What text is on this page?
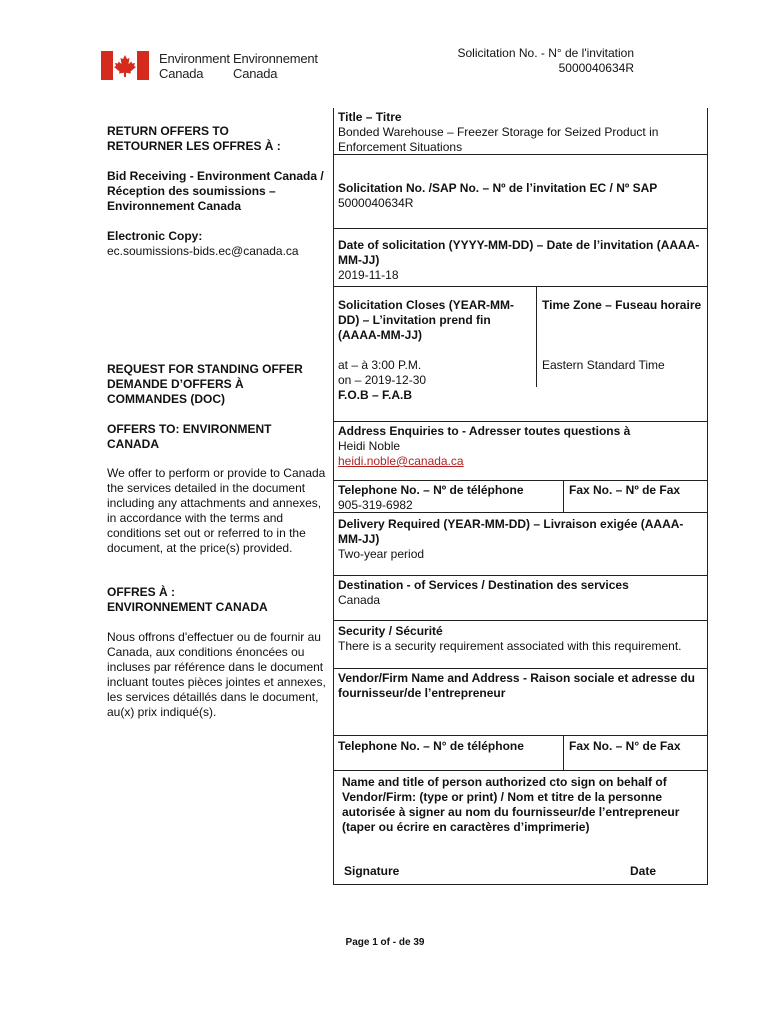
Environment
Canada
Environnement
Canada
Solicitation No. - N° de l'invitation
5000040634R
RETURN OFFERS TO
RETOURNER LES OFFRES À :
Bid Receiving - Environment Canada / Réception des soumissions – Environnement Canada
Electronic Copy:
ec.soumissions-bids.ec@canada.ca
REQUEST FOR STANDING OFFER
DEMANDE D’OFFERS À
COMMANDES (DOC)
OFFERS TO: ENVIRONMENT CANADA
We offer to perform or provide to Canada the services detailed in the document including any attachments and annexes, in accordance with the terms and conditions set out or referred to in the document, at the price(s) provided.
OFFRES À :
ENVIRONNEMENT CANADA
Nous offrons d'effectuer ou de fournir au Canada, aux conditions énoncées ou incluses par référence dans le document incluant toutes pièces jointes et annexes, les services détaillés dans le document, au(x) prix indiqué(s).
Title – Titre
Bonded Warehouse – Freezer Storage for Seized Product in Enforcement Situations
Solicitation No. /SAP No. – Nº de l’invitation EC / Nº SAP
5000040634R
Date of solicitation (YYYY-MM-DD) – Date de l’invitation (AAAA-MM-JJ)
2019-11-18
Solicitation Closes (YEAR-MM-DD) – L’invitation prend fin (AAAA-MM-JJ)
Time Zone – Fuseau horaire
at – à 3:00 P.M.
on – 2019-12-30
Eastern Standard Time
F.O.B – F.A.B
Address Enquiries to - Adresser toutes questions à
Heidi Noble
heidi.noble@canada.ca
Telephone No. – Nº de téléphone
905-319-6982
Fax No. – Nº de Fax
Delivery Required (YEAR-MM-DD) – Livraison exigée (AAAA-MM-JJ)
Two-year period
Destination - of Services / Destination des services
Canada
Security / Sécurité
There is a security requirement associated with this requirement.
Vendor/Firm Name and Address - Raison sociale et adresse du fournisseur/de l’entrepreneur
Telephone No. – N° de téléphone	Fax No. – N° de Fax
Name and title of person authorized cto sign on behalf of Vendor/Firm: (type or print) / Nom et titre de la personne autorisée à signer au nom du fournisseur/de l’entrepreneur (taper ou écrire en caractères d’imprimerie)
Signature	Date
Page 1 of - de 39
